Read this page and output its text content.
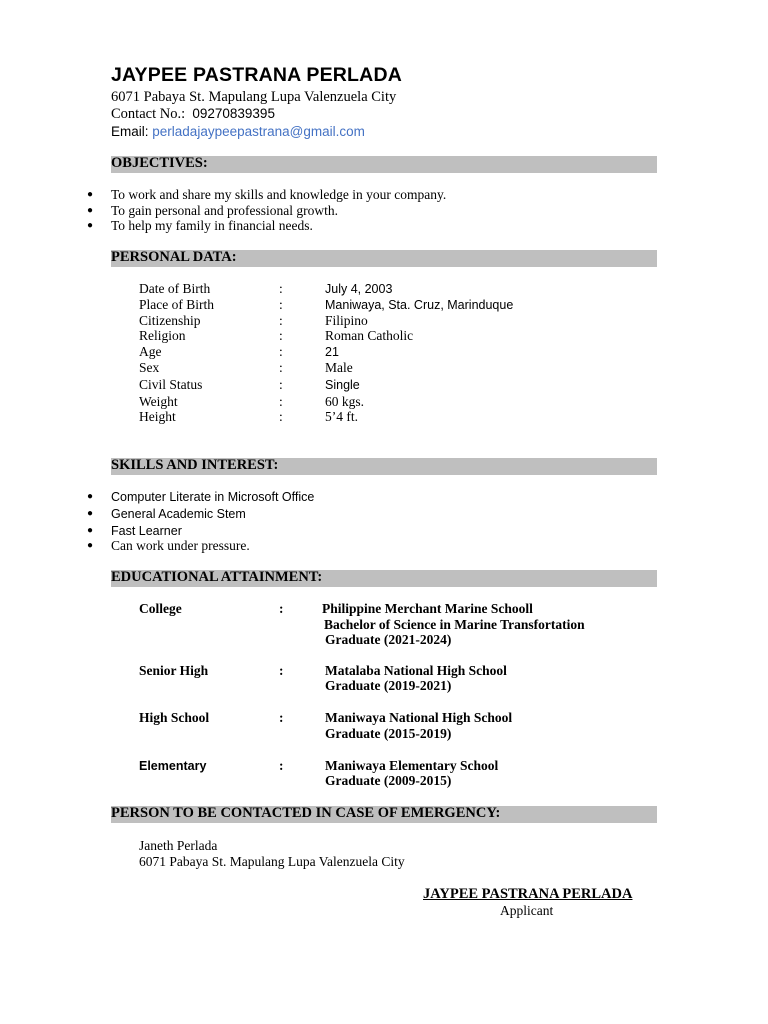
JAYPEE PASTRANA PERLADA
6071 Pabaya St. Mapulang Lupa Valenzuela City
Contact No.: 09270839395
Email: perladajaypeepastrana@gmail.com
OBJECTIVES:
● To work and share my skills and knowledge in your company.
● To gain personal and professional growth.
● To help my family in financial needs.
PERSONAL DATA:
Date of Birth	:	July 4, 2003
Place of Birth	:	Maniwaya, Sta. Cruz, Marinduque
Citizenship	:	Filipino
Religion	:	Roman Catholic
Age	:	21
Sex	:	Male
Civil Status	:	Single
Weight	:	60 kgs.
Height	:	5’4 ft.
SKILLS AND INTEREST:
● Computer Literate in Microsoft Office
● General Academic Stem
● Fast Learner
● Can work under pressure.
EDUCATIONAL ATTAINMENT:
College	:	Philippine Merchant Marine Schooll
Bachelor of Science in Marine Transfortation
Graduate (2021-2024)
Senior High	:	Matalaba National High School
Graduate (2019-2021)
High School	:	Maniwaya National High School
Graduate (2015-2019)
Elementary	:	Maniwaya Elementary School
Graduate (2009-2015)
PERSON TO BE CONTACTED IN CASE OF EMERGENCY:
Janeth Perlada
6071 Pabaya St. Mapulang Lupa Valenzuela City
JAYPEE PASTRANA PERLADA
Applicant
